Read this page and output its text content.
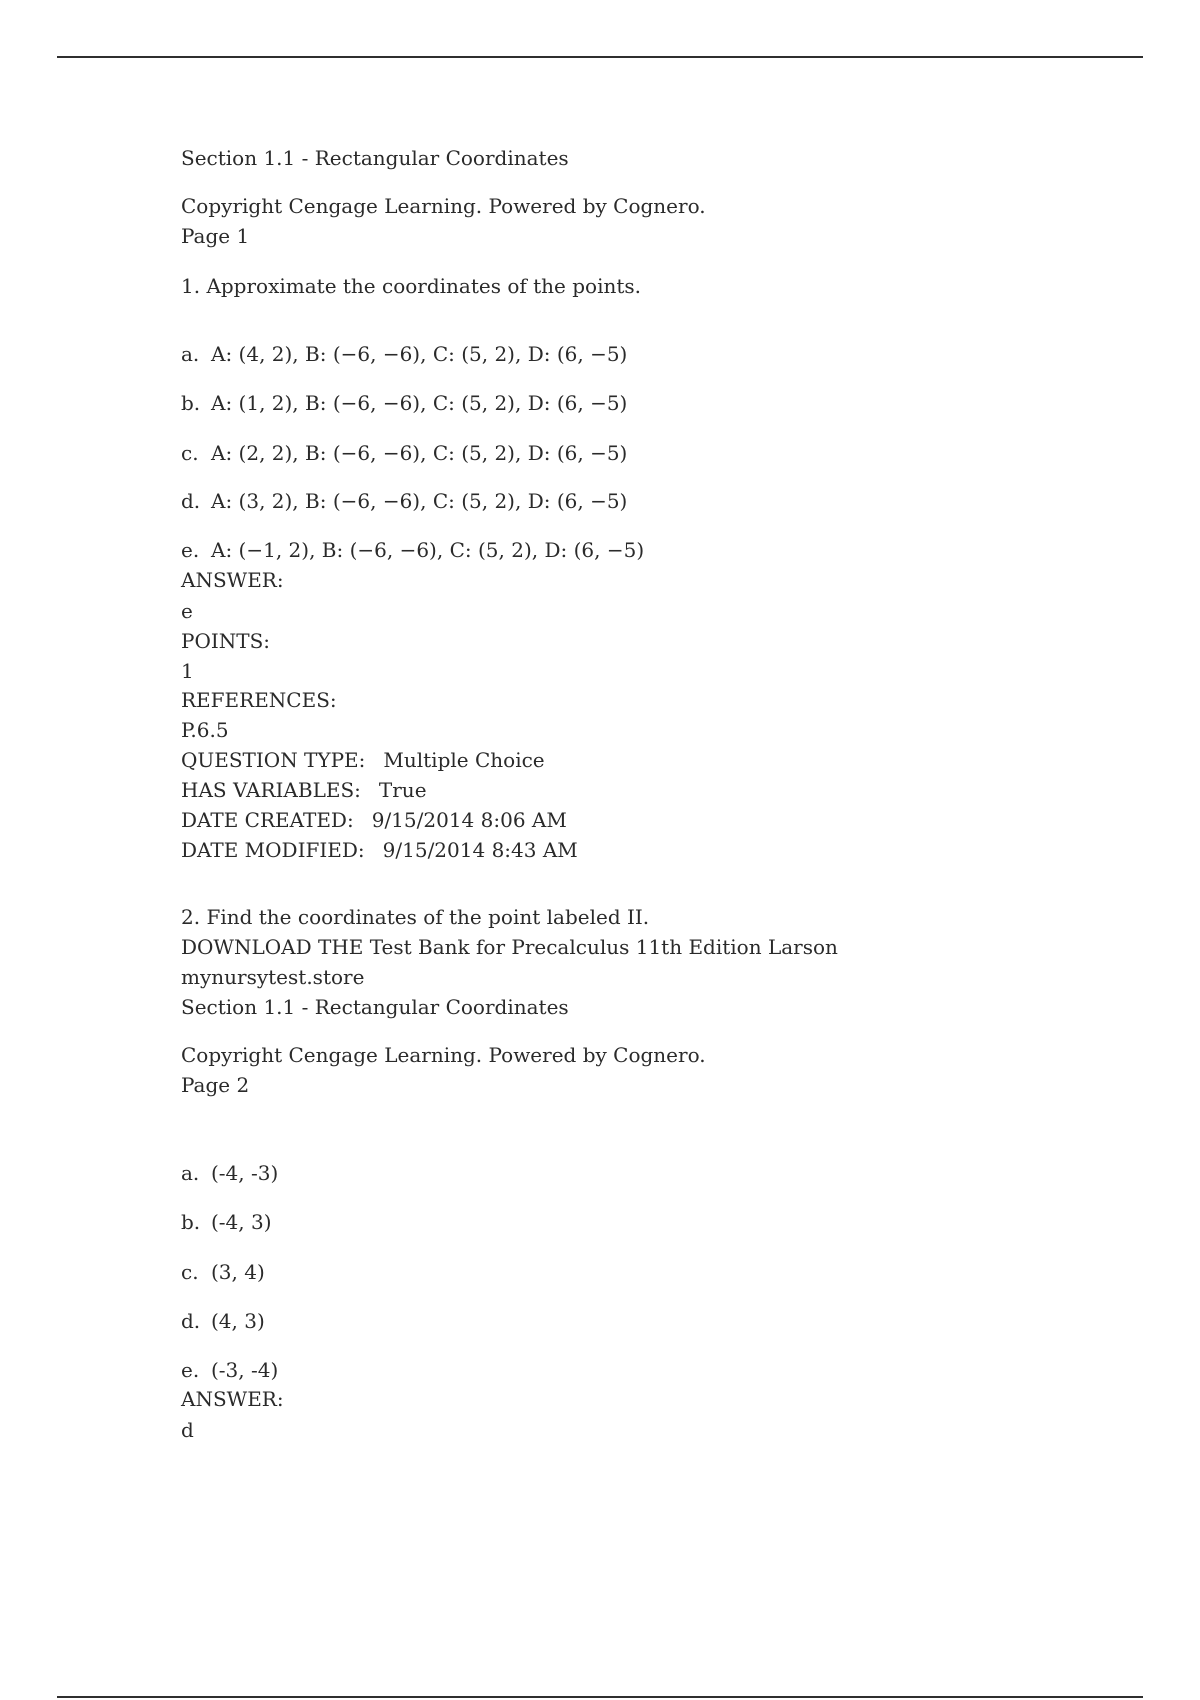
Section 1.1 - Rectangular Coordinates
Copyright Cengage Learning. Powered by Cognero.
Page 1
1. Approximate the coordinates of the points.
a. A: (4, 2), B: (−6, −6), C: (5, 2), D: (6, −5)
b. A: (1, 2), B: (−6, −6), C: (5, 2), D: (6, −5)
c. A: (2, 2), B: (−6, −6), C: (5, 2), D: (6, −5)
d. A: (3, 2), B: (−6, −6), C: (5, 2), D: (6, −5)
e. A: (−1, 2), B: (−6, −6), C: (5, 2), D: (6, −5)
ANSWER:
e
POINTS:
1
REFERENCES:
P.6.5
QUESTION TYPE: Multiple Choice
HAS VARIABLES: True
DATE CREATED: 9/15/2014 8:06 AM
DATE MODIFIED: 9/15/2014 8:43 AM
2. Find the coordinates of the point labeled II.
DOWNLOAD THE Test Bank for Precalculus 11th Edition Larson
mynursytest.store
Section 1.1 - Rectangular Coordinates
Copyright Cengage Learning. Powered by Cognero.
Page 2
a. (-4, -3)
b. (-4, 3)
c. (3, 4)
d. (4, 3)
e. (-3, -4)
ANSWER:
d
